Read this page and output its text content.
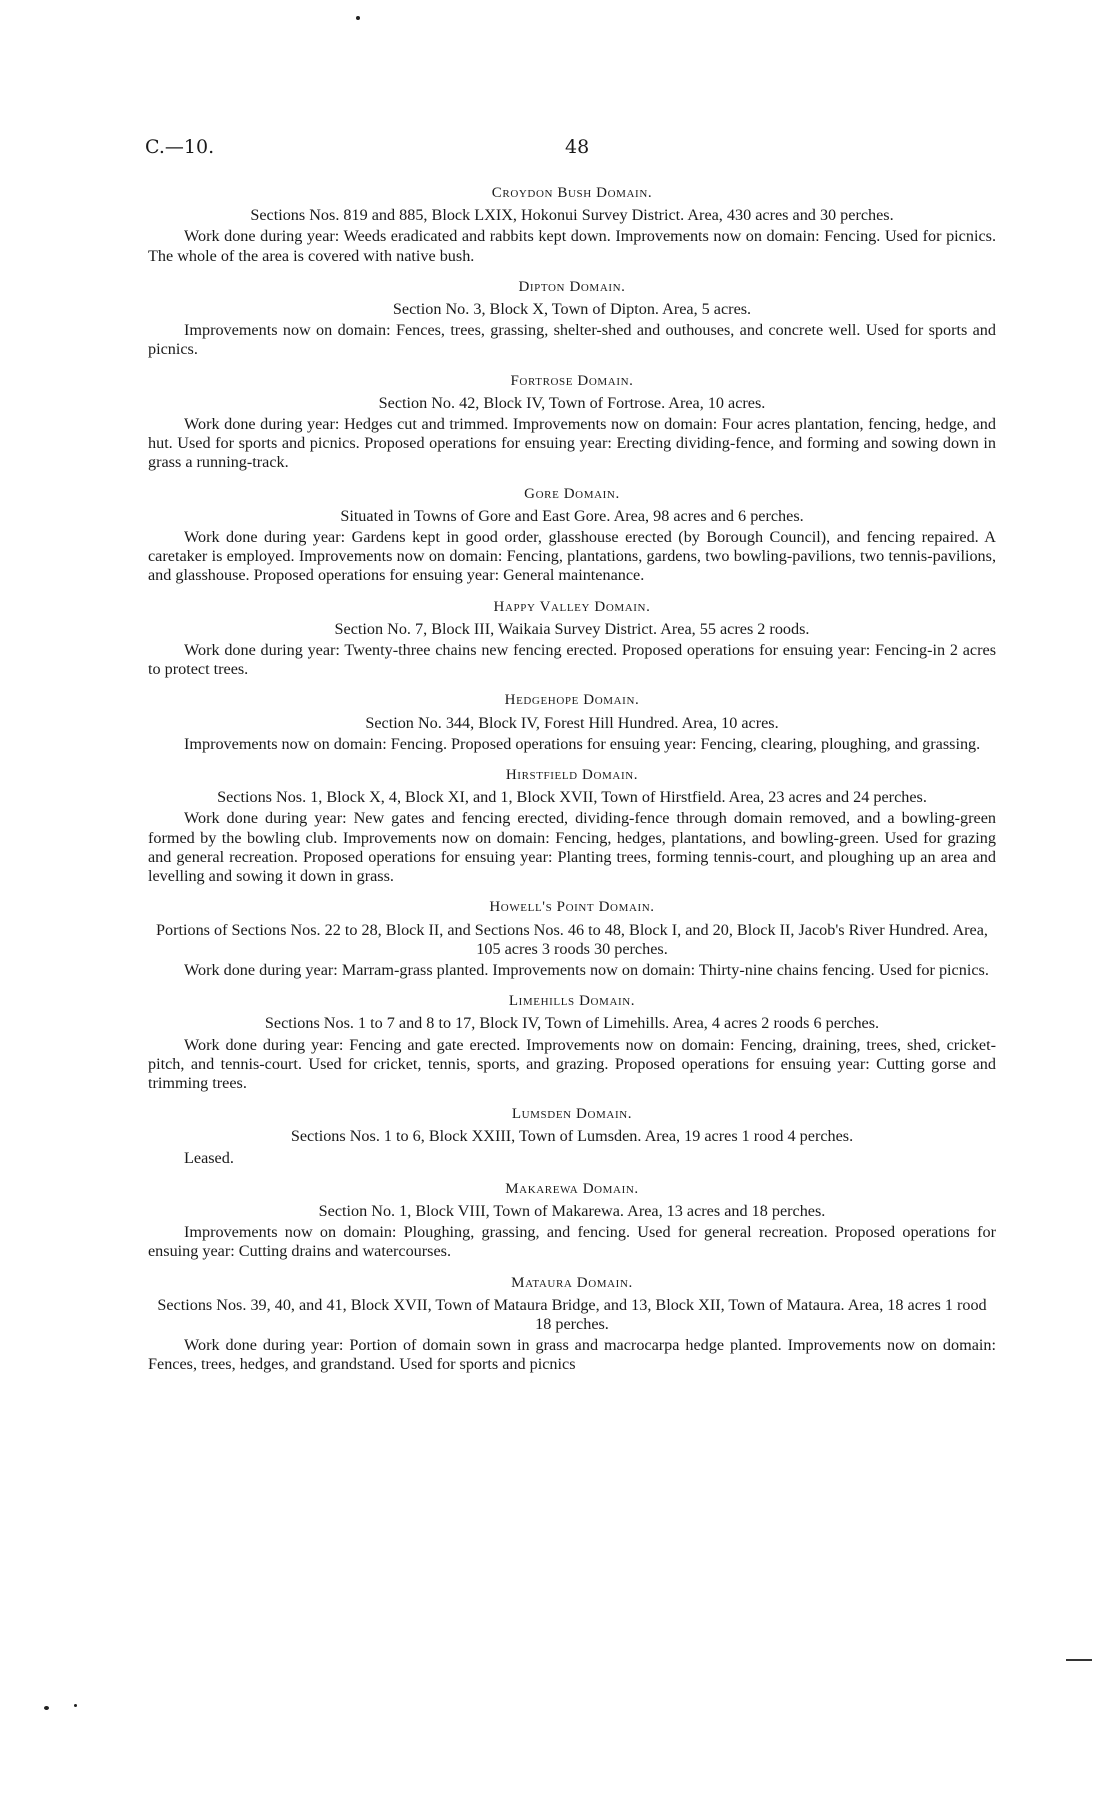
C.—10.	48
Croydon Bush Domain.
Sections Nos. 819 and 885, Block LXIX, Hokonui Survey District. Area, 430 acres and 30 perches.

Work done during year: Weeds eradicated and rabbits kept down. Improvements now on domain: Fencing. Used for picnics. The whole of the area is covered with native bush.

Dipton Domain.
Section No. 3, Block X, Town of Dipton. Area, 5 acres.

Improvements now on domain: Fences, trees, grassing, shelter-shed and outhouses, and concrete well. Used for sports and picnics.

Fortrose Domain.
Section No. 42, Block IV, Town of Fortrose. Area, 10 acres.

Work done during year: Hedges cut and trimmed. Improvements now on domain: Four acres plantation, fencing, hedge, and hut. Used for sports and picnics. Proposed operations for ensuing year: Erecting dividing-fence, and forming and sowing down in grass a running-track.

Gore Domain.
Situated in Towns of Gore and East Gore. Area, 98 acres and 6 perches.

Work done during year: Gardens kept in good order, glasshouse erected (by Borough Council), and fencing repaired. A caretaker is employed. Improvements now on domain: Fencing, plantations, gardens, two bowling-pavilions, two tennis-pavilions, and glasshouse. Proposed operations for ensuing year: General maintenance.

Happy Valley Domain.
Section No. 7, Block III, Waikaia Survey District. Area, 55 acres 2 roods.

Work done during year: Twenty-three chains new fencing erected. Proposed operations for ensuing year: Fencing-in 2 acres to protect trees.

Hedgehope Domain.
Section No. 344, Block IV, Forest Hill Hundred. Area, 10 acres.

Improvements now on domain: Fencing. Proposed operations for ensuing year: Fencing, clearing, ploughing, and grassing.

Hirstfield Domain.
Sections Nos. 1, Block X, 4, Block XI, and 1, Block XVII, Town of Hirstfield. Area, 23 acres and 24 perches.

Work done during year: New gates and fencing erected, dividing-fence through domain removed, and a bowling-green formed by the bowling club. Improvements now on domain: Fencing, hedges, plantations, and bowling-green. Used for grazing and general recreation. Proposed operations for ensuing year: Planting trees, forming tennis-court, and ploughing up an area and levelling and sowing it down in grass.

Howell's Point Domain.
Portions of Sections Nos. 22 to 28, Block II, and Sections Nos. 46 to 48, Block I, and 20, Block II, Jacob's River Hundred. Area, 105 acres 3 roods 30 perches.

Work done during year: Marram-grass planted. Improvements now on domain: Thirty-nine chains fencing. Used for picnics.

Limehills Domain.
Sections Nos. 1 to 7 and 8 to 17, Block IV, Town of Limehills. Area, 4 acres 2 roods 6 perches.

Work done during year: Fencing and gate erected. Improvements now on domain: Fencing, draining, trees, shed, cricket-pitch, and tennis-court. Used for cricket, tennis, sports, and grazing. Proposed operations for ensuing year: Cutting gorse and trimming trees.

Lumsden Domain.
Sections Nos. 1 to 6, Block XXIII, Town of Lumsden. Area, 19 acres 1 rood 4 perches.

Leased.

Makarewa Domain.
Section No. 1, Block VIII, Town of Makarewa. Area, 13 acres and 18 perches.

Improvements now on domain: Ploughing, grassing, and fencing. Used for general recreation. Proposed operations for ensuing year: Cutting drains and watercourses.

Mataura Domain.
Sections Nos. 39, 40, and 41, Block XVII, Town of Mataura Bridge, and 13, Block XII, Town of Mataura. Area, 18 acres 1 rood 18 perches.

Work done during year: Portion of domain sown in grass and macrocarpa hedge planted. Improvements now on domain: Fences, trees, hedges, and grandstand. Used for sports and picnics
